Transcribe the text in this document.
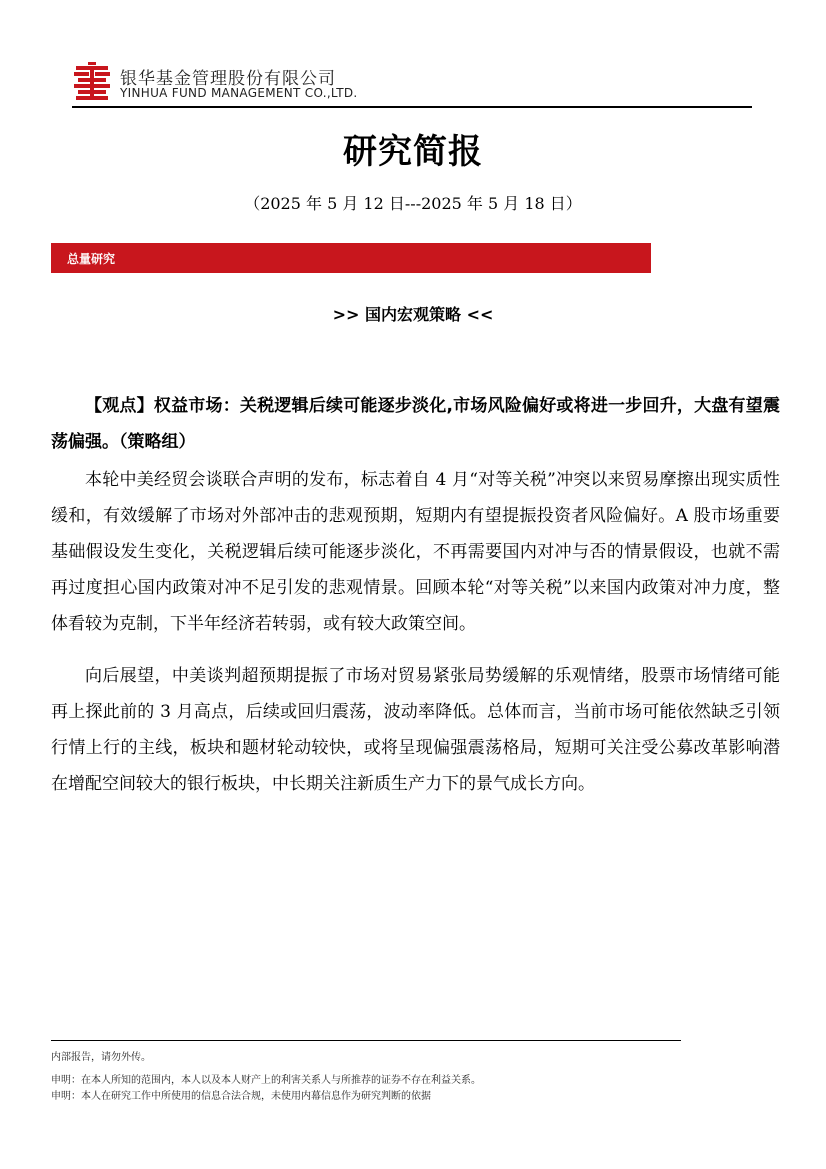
银华基金管理股份有限公司
YINHUA FUND MANAGEMENT CO.,LTD.
研究简报
（2025 年 5 月 12 日---2025 年 5 月 18 日）
总量研究
>> 国内宏观策略 <<

【观点】权益市场：关税逻辑后续可能逐步淡化,市场风险偏好或将进一步回升，大盘有望震荡偏强。（策略组）

本轮中美经贸会谈联合声明的发布，标志着自 4 月“对等关税”冲突以来贸易摩擦出现实质性缓和，有效缓解了市场对外部冲击的悲观预期，短期内有望提振投资者风险偏好。A 股市场重要基础假设发生变化，关税逻辑后续可能逐步淡化，不再需要国内对冲与否的情景假设，也就不需再过度担心国内政策对冲不足引发的悲观情景。回顾本轮“对等关税”以来国内政策对冲力度，整体看较为克制，下半年经济若转弱，或有较大政策空间。

向后展望，中美谈判超预期提振了市场对贸易紧张局势缓解的乐观情绪，股票市场情绪可能再上探此前的 3 月高点，后续或回归震荡，波动率降低。总体而言，当前市场可能依然缺乏引领行情上行的主线，板块和题材轮动较快，或将呈现偏强震荡格局，短期可关注受公募改革影响潜在增配空间较大的银行板块，中长期关注新质生产力下的景气成长方向。

内部报告，请勿外传。
申明：在本人所知的范围内，本人以及本人财产上的利害关系人与所推荐的证券不存在利益关系。
申明：本人在研究工作中所使用的信息合法合规，未使用内幕信息作为研究判断的依据
